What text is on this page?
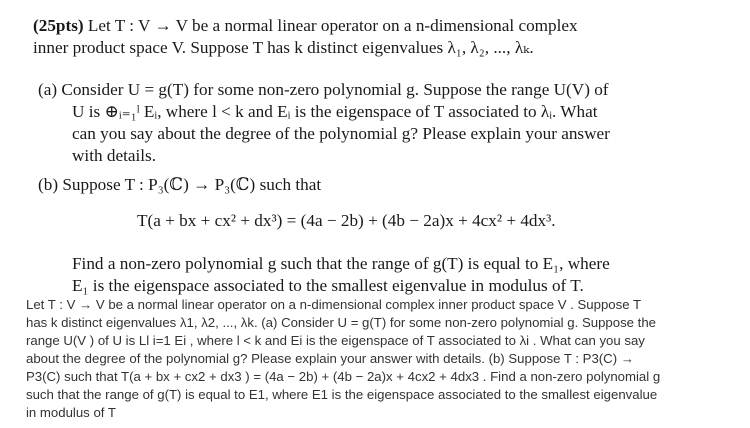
(25pts) Let T : V → V be a normal linear operator on a n-dimensional complex
inner product space V. Suppose T has k distinct eigenvalues λ₁, λ₂, ..., λₖ.
(a) Consider U = g(T) for some non-zero polynomial g. Suppose the range U(V) of
U is ⊕ᵢ₌₁ˡ Eᵢ, where l < k and Eᵢ is the eigenspace of T associated to λᵢ. What
can you say about the degree of the polynomial g? Please explain your answer
with details.
(b) Suppose T : P₃(ℂ) → P₃(ℂ) such that
T(a + bx + cx² + dx³) = (4a − 2b) + (4b − 2a)x + 4cx² + 4dx³.
Find a non-zero polynomial g such that the range of g(T) is equal to E₁, where
E₁ is the eigenspace associated to the smallest eigenvalue in modulus of T.
Let T : V → V be a normal linear operator on a n-dimensional complex inner product space V . Suppose T
has k distinct eigenvalues λ1, λ2, ..., λk. (a) Consider U = g(T) for some non-zero polynomial g. Suppose the
range U(V ) of U is Ll i=1 Ei , where l < k and Ei is the eigenspace of T associated to λi . What can you say
about the degree of the polynomial g? Please explain your answer with details. (b) Suppose T : P3(C) →
P3(C) such that T(a + bx + cx2 + dx3 ) = (4a − 2b) + (4b − 2a)x + 4cx2 + 4dx3 . Find a non-zero polynomial g
such that the range of g(T) is equal to E1, where E1 is the eigenspace associated to the smallest eigenvalue
in modulus of T
